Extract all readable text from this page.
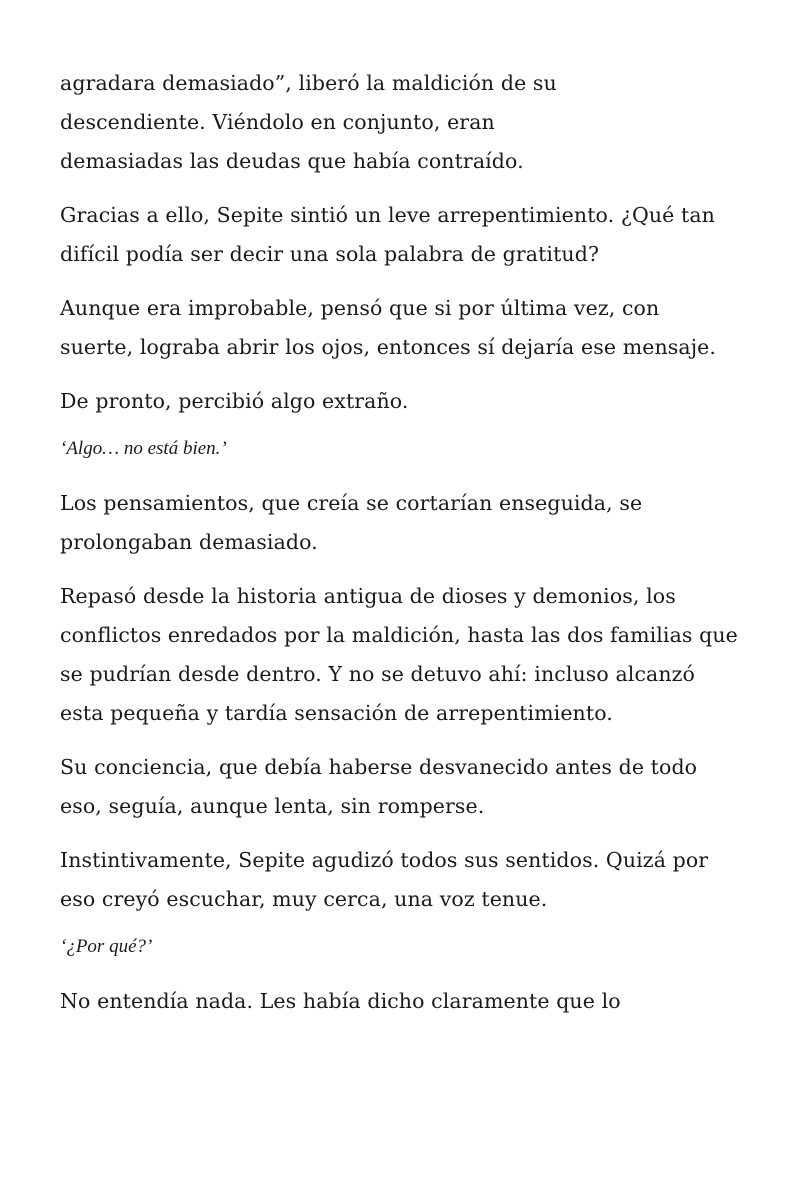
agradara demasiado”, liberó la maldición de su descendiente. Viéndolo en conjunto, eran demasiadas las deudas que había contraído.

Gracias a ello, Sepite sintió un leve arrepentimiento. ¿Qué tan difícil podía ser decir una sola palabra de gratitud?

Aunque era improbable, pensó que si por última vez, con suerte, lograba abrir los ojos, entonces sí dejaría ese mensaje.

De pronto, percibió algo extraño.

‘Algo… no está bien.’

Los pensamientos, que creía se cortarían enseguida, se prolongaban demasiado.

Repasó desde la historia antigua de dioses y demonios, los conflictos enredados por la maldición, hasta las dos familias que se pudrían desde dentro. Y no se detuvo ahí: incluso alcanzó esta pequeña y tardía sensación de arrepentimiento.

Su conciencia, que debía haberse desvanecido antes de todo eso, seguía, aunque lenta, sin romperse.

Instintivamente, Sepite agudizó todos sus sentidos. Quizá por eso creyó escuchar, muy cerca, una voz tenue.

‘¿Por qué?’

No entendía nada. Les había dicho claramente que lo
